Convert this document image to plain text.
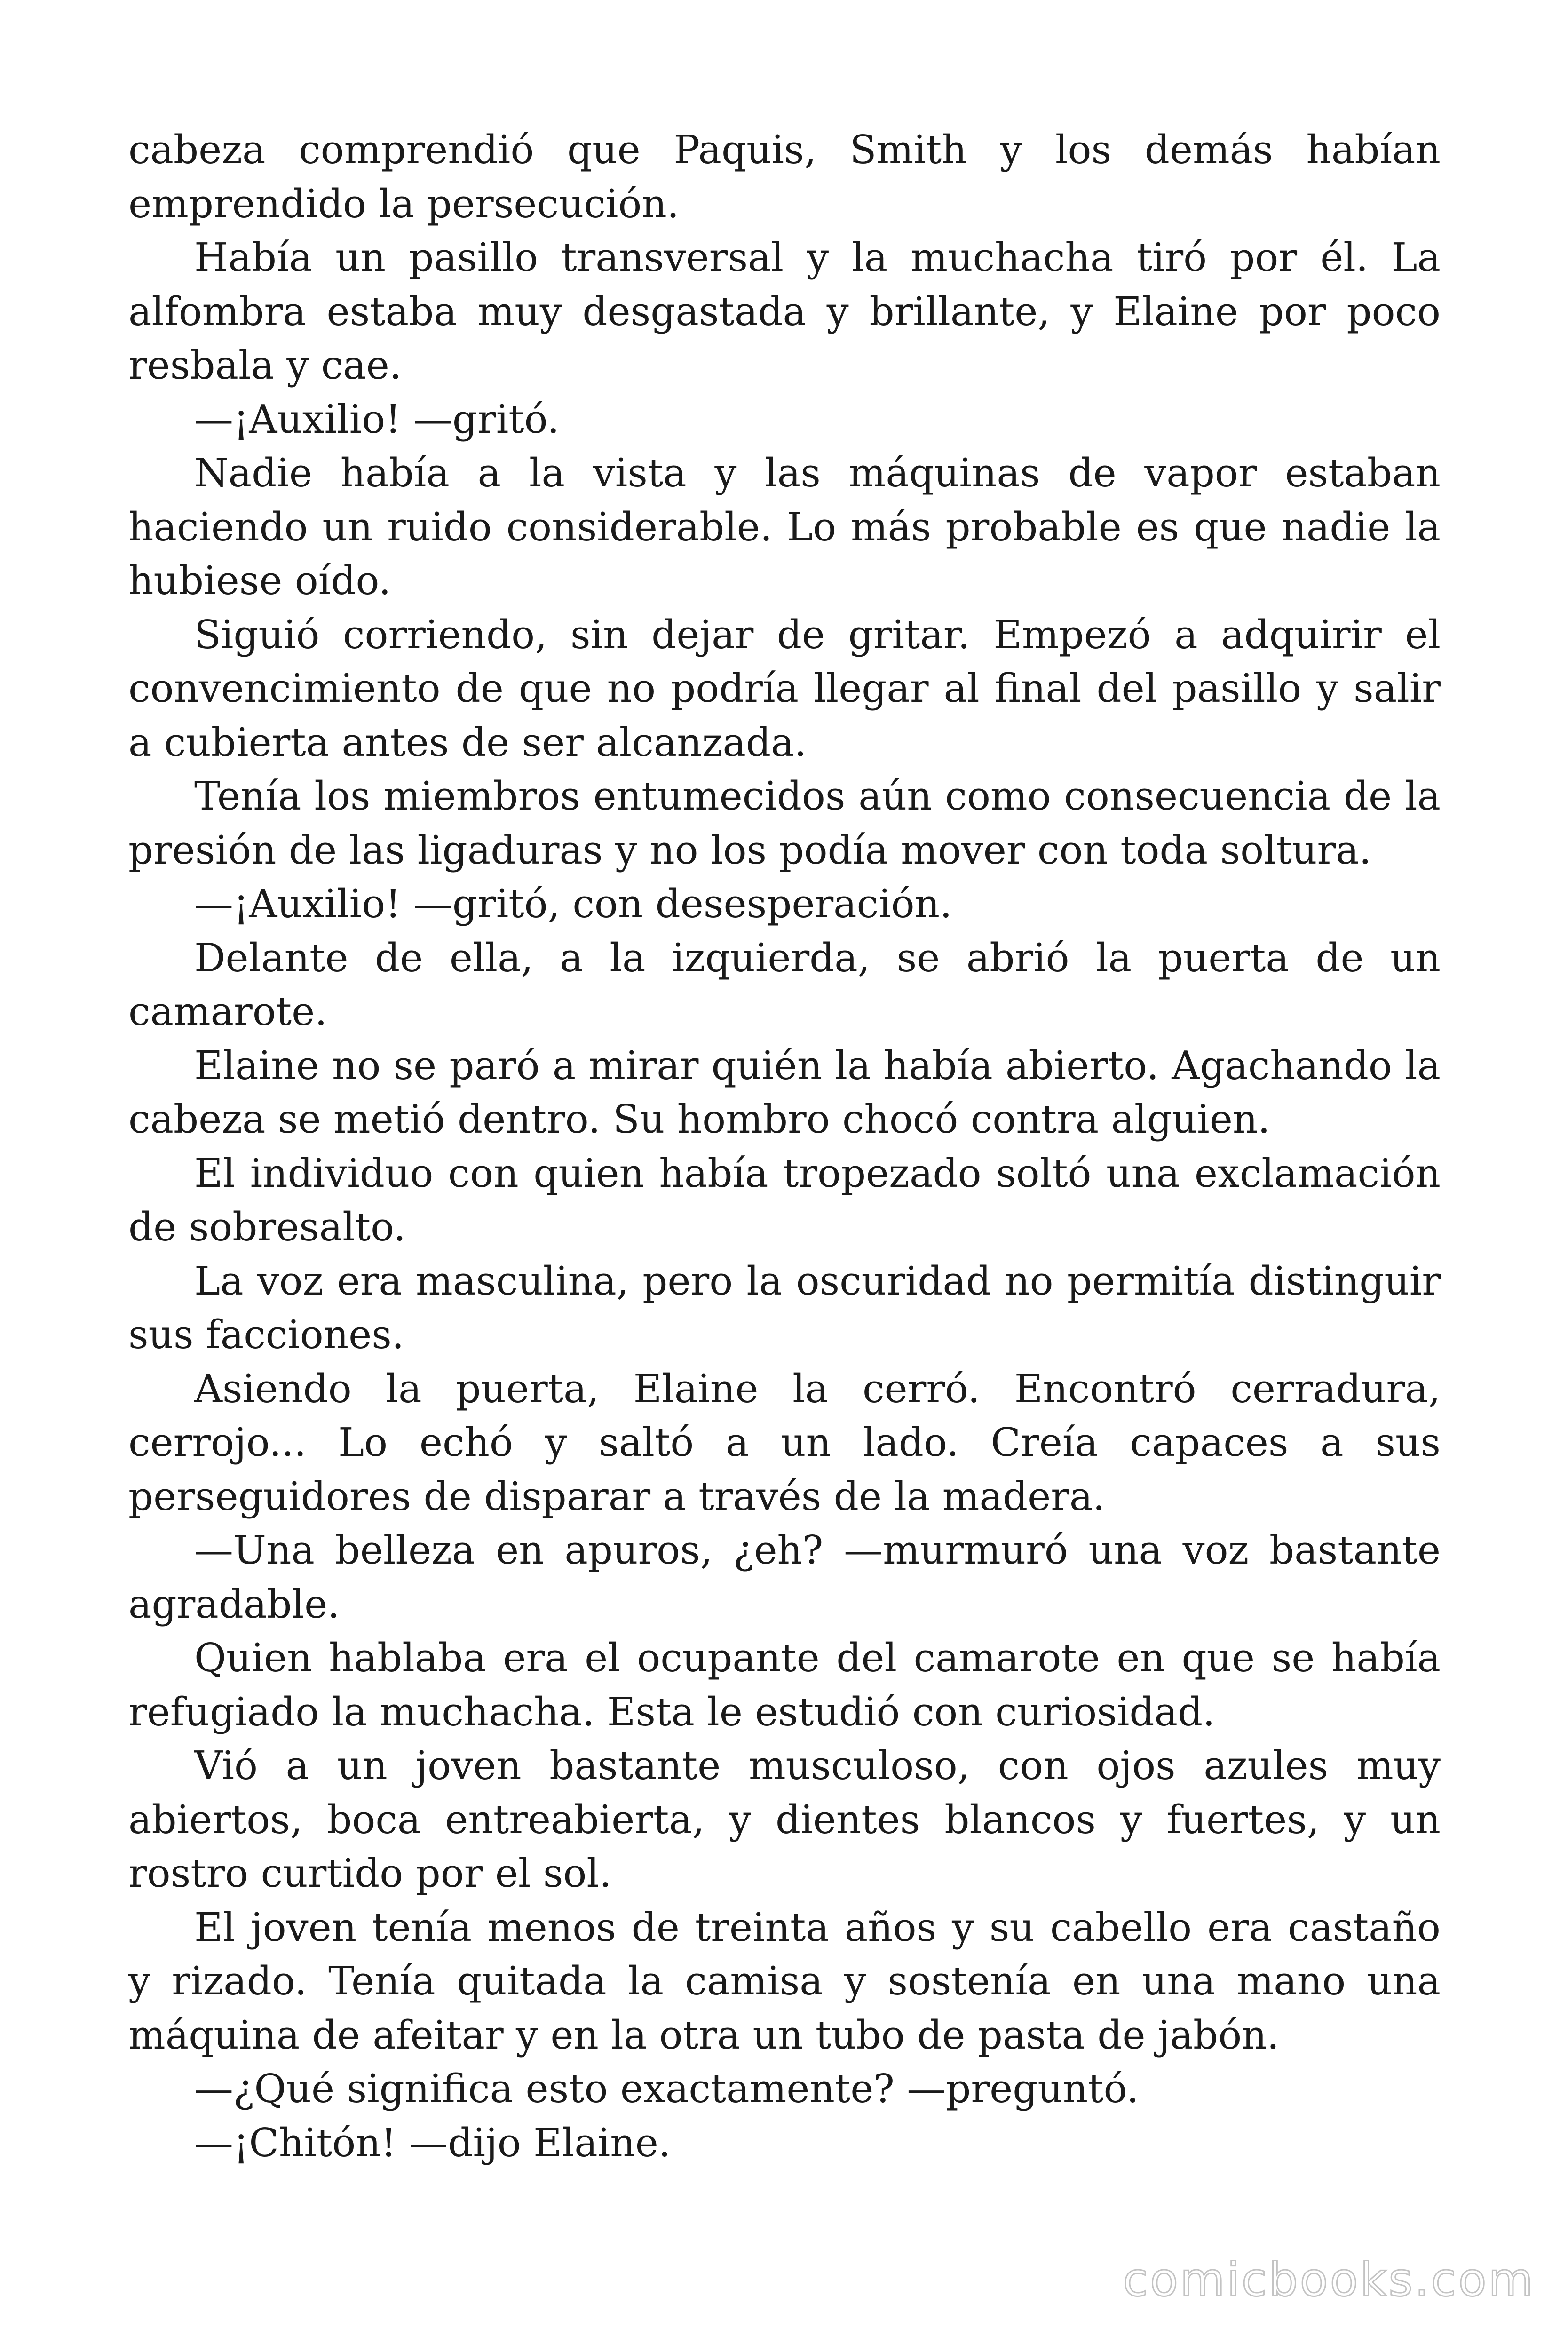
cabeza comprendió que Paquis, Smith y los demás habían emprendido la persecución.

Había un pasillo transversal y la muchacha tiró por él. La alfombra estaba muy desgastada y brillante, y Elaine por poco resbala y cae.

—¡Auxilio! —gritó.

Nadie había a la vista y las máquinas de vapor estaban haciendo un ruido considerable. Lo más probable es que nadie la hubiese oído.

Siguió corriendo, sin dejar de gritar. Empezó a adquirir el convencimiento de que no podría llegar al final del pasillo y salir a cubierta antes de ser alcanzada.

Tenía los miembros entumecidos aún como consecuencia de la presión de las ligaduras y no los podía mover con toda soltura.

—¡Auxilio! —gritó, con desesperación.

Delante de ella, a la izquierda, se abrió la puerta de un camarote.

Elaine no se paró a mirar quién la había abierto. Agachando la cabeza se metió dentro. Su hombro chocó contra alguien.

El individuo con quien había tropezado soltó una exclamación de sobresalto.

La voz era masculina, pero la oscuridad no permitía distinguir sus facciones.

Asiendo la puerta, Elaine la cerró. Encontró cerradura, cerrojo... Lo echó y saltó a un lado. Creía capaces a sus perseguidores de disparar a través de la madera.

—Una belleza en apuros, ¿eh? —murmuró una voz bastante agradable.

Quien hablaba era el ocupante del camarote en que se había refugiado la muchacha. Esta le estudió con curiosidad.

Vió a un joven bastante musculoso, con ojos azules muy abiertos, boca entreabierta, y dientes blancos y fuertes, y un rostro curtido por el sol.

El joven tenía menos de treinta años y su cabello era castaño y rizado. Tenía quitada la camisa y sostenía en una mano una máquina de afeitar y en la otra un tubo de pasta de jabón.

—¿Qué significa esto exactamente? —preguntó.

—¡Chitón! —dijo Elaine.

comicbooks.com
